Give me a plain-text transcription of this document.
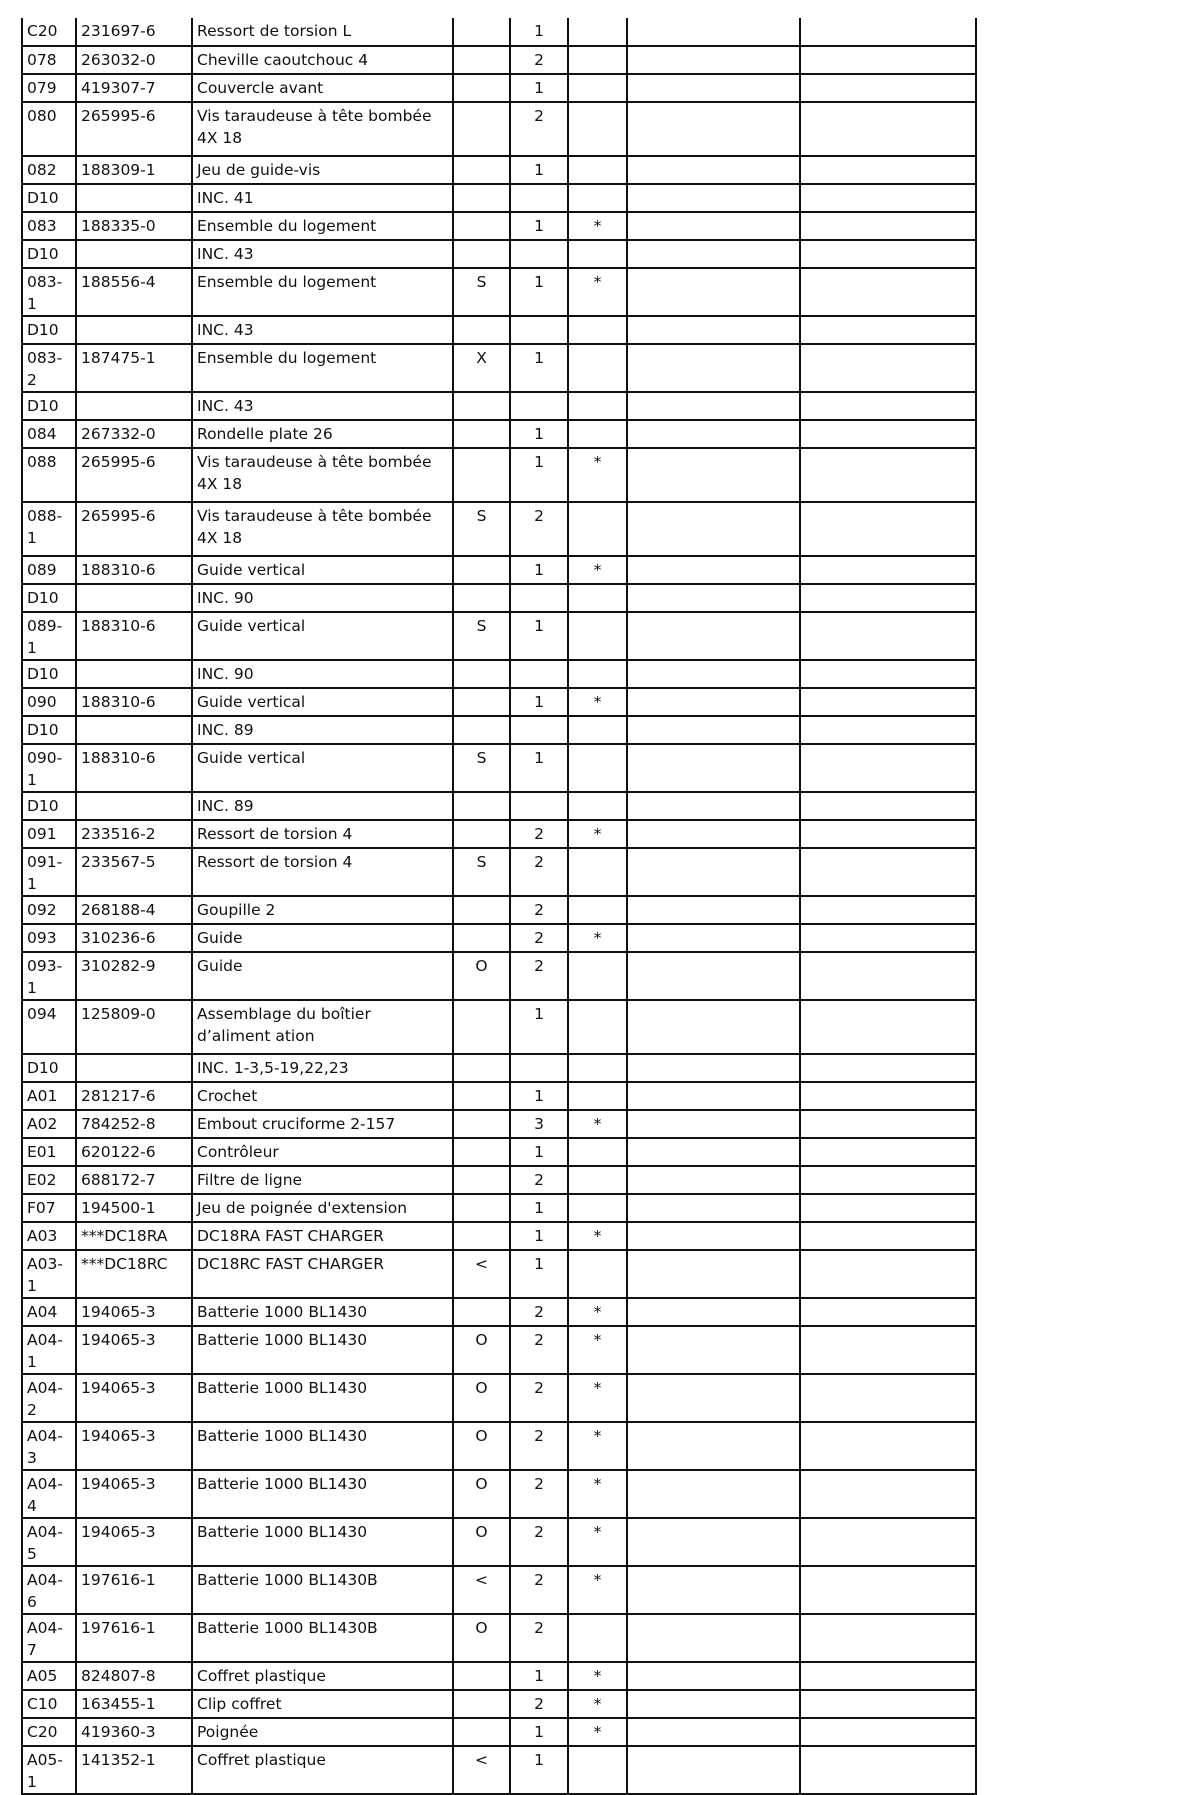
C20	231697-6	Ressort de torsion L		1			
078	263032-0	Cheville caoutchouc 4		2			
079	419307-7	Couvercle avant		1			
080	265995-6	Vis taraudeuse à tête bombée 4X 18		2			
082	188309-1	Jeu de guide-vis		1			
D10		INC. 41					
083	188335-0	Ensemble du logement		1	*		
D10		INC. 43					
083-1	188556-4	Ensemble du logement	S	1	*		
D10		INC. 43					
083-2	187475-1	Ensemble du logement	X	1			
D10		INC. 43					
084	267332-0	Rondelle plate 26		1			
088	265995-6	Vis taraudeuse à tête bombée 4X 18		1	*		
088-1	265995-6	Vis taraudeuse à tête bombée 4X 18	S	2			
089	188310-6	Guide vertical		1	*		
D10		INC. 90					
089-1	188310-6	Guide vertical	S	1			
D10		INC. 90					
090	188310-6	Guide vertical		1	*		
D10		INC. 89					
090-1	188310-6	Guide vertical	S	1			
D10		INC. 89					
091	233516-2	Ressort de torsion 4		2	*		
091-1	233567-5	Ressort de torsion 4	S	2			
092	268188-4	Goupille 2		2			
093	310236-6	Guide		2	*		
093-1	310282-9	Guide	O	2			
094	125809-0	Assemblage du boîtier d’aliment ation		1			
D10		INC. 1-3,5-19,22,23					
A01	281217-6	Crochet		1			
A02	784252-8	Embout cruciforme 2-157		3	*		
E01	620122-6	Contrôleur		1			
E02	688172-7	Filtre de ligne		2			
F07	194500-1	Jeu de poignée d'extension		1			
A03	***DC18RA	DC18RA FAST CHARGER		1	*		
A03-1	***DC18RC	DC18RC FAST CHARGER	<	1			
A04	194065-3	Batterie 1000 BL1430		2	*		
A04-1	194065-3	Batterie 1000 BL1430	O	2	*		
A04-2	194065-3	Batterie 1000 BL1430	O	2	*		
A04-3	194065-3	Batterie 1000 BL1430	O	2	*		
A04-4	194065-3	Batterie 1000 BL1430	O	2	*		
A04-5	194065-3	Batterie 1000 BL1430	O	2	*		
A04-6	197616-1	Batterie 1000 BL1430B	<	2	*		
A04-7	197616-1	Batterie 1000 BL1430B	O	2			
A05	824807-8	Coffret plastique		1	*		
C10	163455-1	Clip coffret		2	*		
C20	419360-3	Poignée		1	*		
A05-1	141352-1	Coffret plastique	<	1			
